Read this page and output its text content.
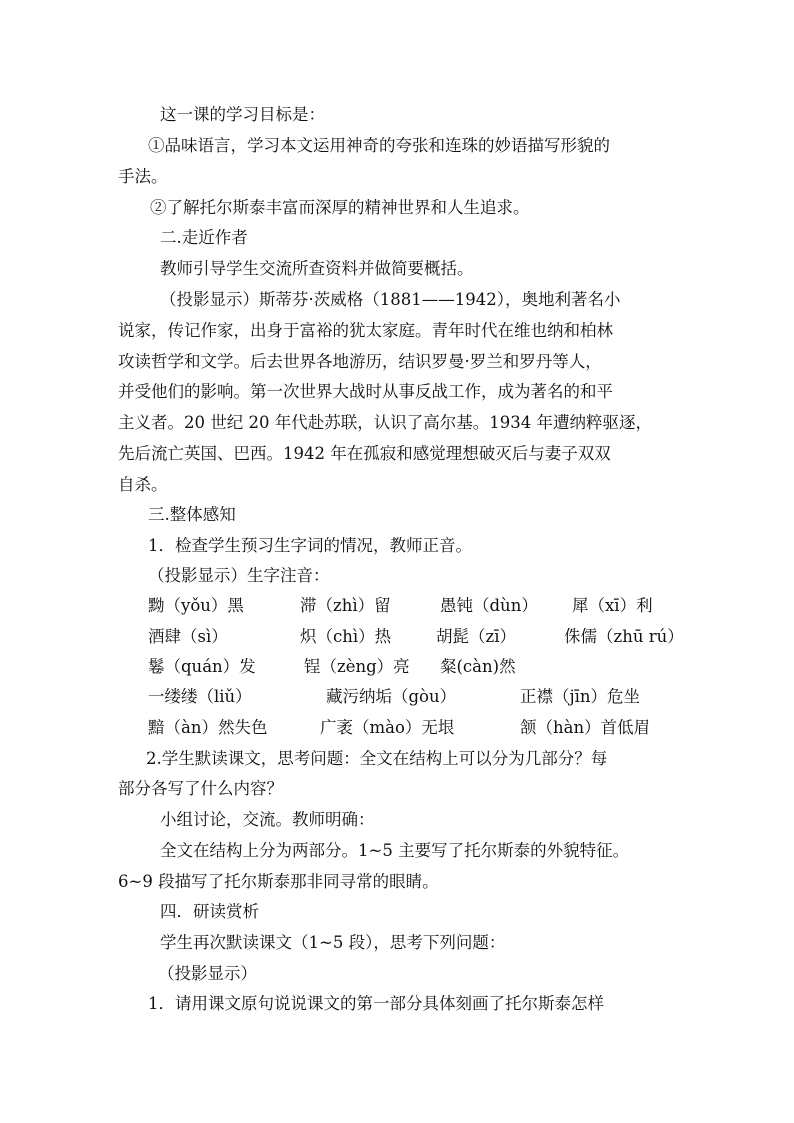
这一课的学习目标是：
①品味语言，学习本文运用神奇的夸张和连珠的妙语描写形貌的
手法。
②了解托尔斯泰丰富而深厚的精神世界和人生追求。
二.走近作者
教师引导学生交流所查资料并做简要概括。
（投影显示）斯蒂芬·茨威格（1881——1942），奥地利著名小
说家，传记作家，出身于富裕的犹太家庭。青年时代在维也纳和柏林
攻读哲学和文学。后去世界各地游历，结识罗曼·罗兰和罗丹等人，
并受他们的影响。第一次世界大战时从事反战工作，成为著名的和平
主义者。20 世纪 20 年代赴苏联，认识了高尔基。1934 年遭纳粹驱逐，
先后流亡英国、巴西。1942 年在孤寂和感觉理想破灭后与妻子双双
自杀。
三.整体感知
1．检查学生预习生字词的情况，教师正音。
（投影显示）生字注音：
黝（yǒu）黑	滞（zhì）留	愚钝（dùn） 犀（xī）利
酒肆（sì）	炽（chì）热	胡髭（zī）	侏儒（zhū rú）
鬈（quán）发	锃（zèng）亮 粲(càn)然
一缕缕（liǔ）	藏污纳垢（gòu）	正襟（jīn）危坐
黯（àn）然失色	广袤（mào）无垠	颔（hàn）首低眉
2.学生默读课文，思考问题：全文在结构上可以分为几部分？每
部分各写了什么内容？
小组讨论，交流。教师明确：
全文在结构上分为两部分。1~5 主要写了托尔斯泰的外貌特征。
6~9 段描写了托尔斯泰那非同寻常的眼睛。
四．研读赏析
学生再次默读课文（1~5 段），思考下列问题：
（投影显示）
1．请用课文原句说说课文的第一部分具体刻画了托尔斯泰怎样
